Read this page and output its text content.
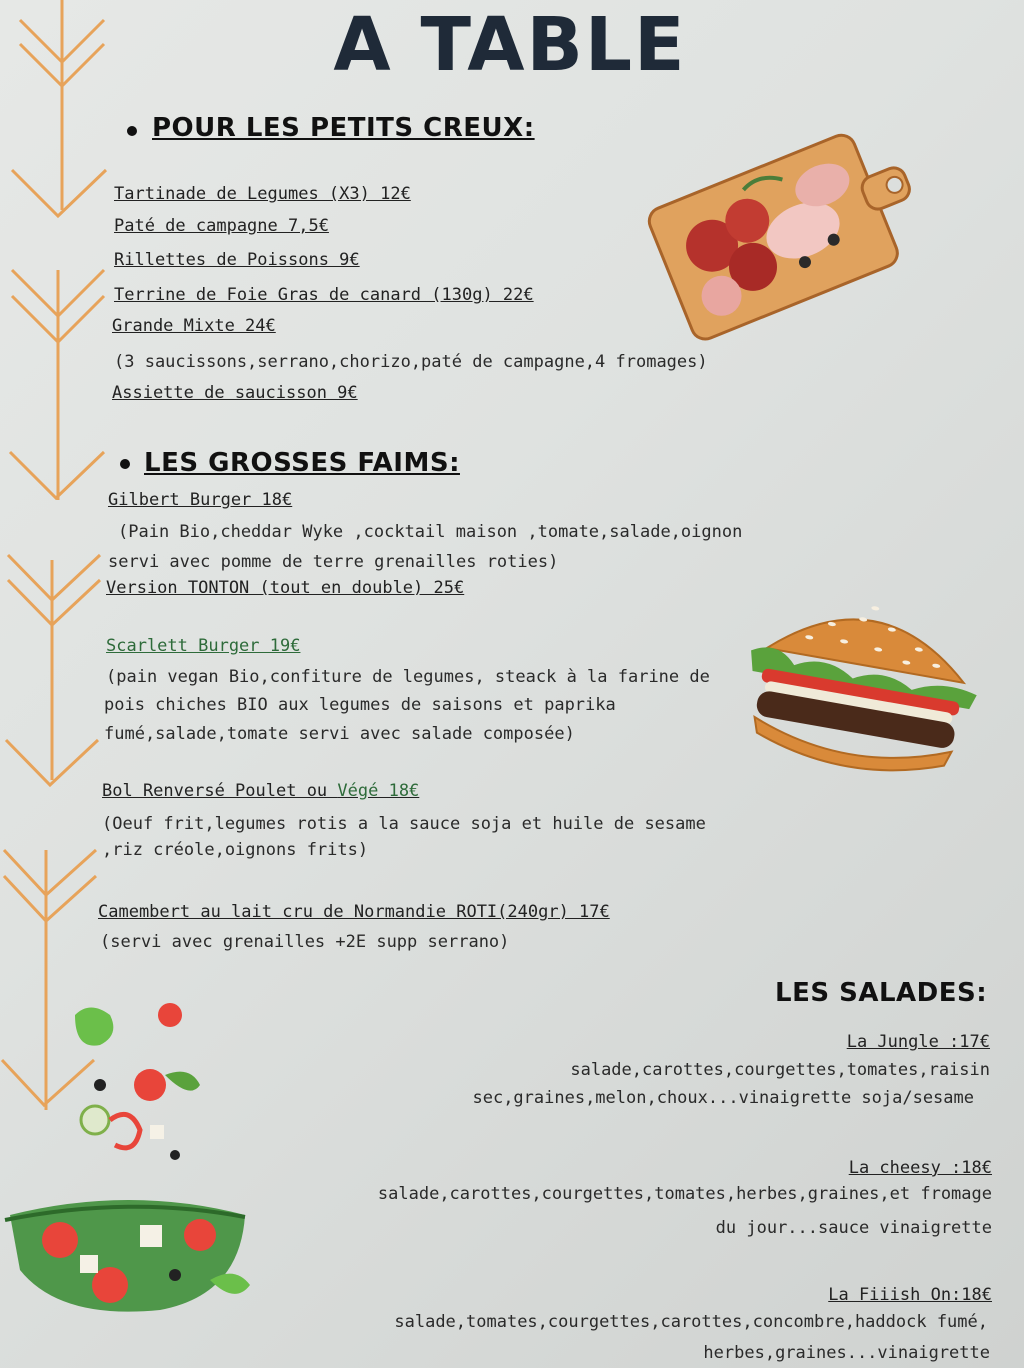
A TABLE
POUR LES PETITS CREUX:
Tartinade de Legumes (X3) 12€
Paté de campagne 7,5€
Rillettes de Poissons 9€
Terrine de Foie Gras de canard (130g) 22€
Grande Mixte 24€
(3 saucissons,serrano,chorizo,paté de campagne,4 fromages)
Assiette de saucisson 9€
LES GROSSES FAIMS:
Gilbert Burger 18€
(Pain Bio,cheddar Wyke ,cocktail maison ,tomate,salade,oignon
servi avec pomme de terre grenailles roties)
Version TONTON (tout en double) 25€
Scarlett Burger 19€
(pain vegan Bio,confiture de legumes, steack à la farine de
pois chiches BIO aux legumes de saisons et paprika
fumé,salade,tomate servi avec salade composée)
Bol Renversé Poulet ou Végé 18€
(Oeuf frit,legumes rotis a la sauce soja et huile de sesame
,riz créole,oignons frits)
Camembert au lait cru de Normandie ROTI(240gr) 17€
(servi avec grenailles +2E supp serrano)
LES SALADES:
La Jungle :17€
salade,carottes,courgettes,tomates,raisin
sec,graines,melon,choux...vinaigrette soja/sesame
La cheesy :18€
salade,carottes,courgettes,tomates,herbes,graines,et fromage
du jour...sauce vinaigrette
La Fiiish On:18€
salade,tomates,courgettes,carottes,concombre,haddock fumé,
herbes,graines...vinaigrette
